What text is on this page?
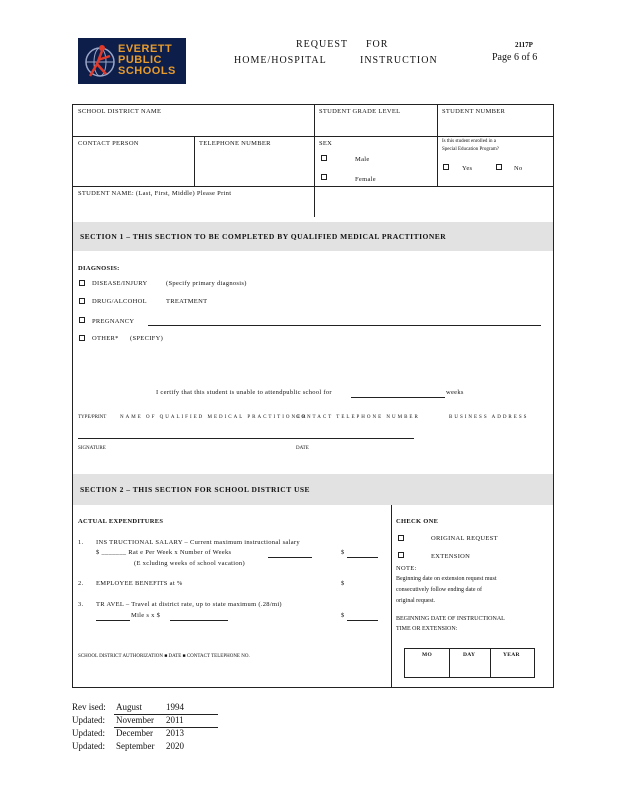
EVERETT
PUBLIC
SCHOOLS
REQUEST FOR
HOME/HOSPITAL	INSTRUCTION
2117P
Page 6 of 6
SCHOOL DISTRICT NAME	STUDENT GRADE LEVEL	STUDENT NUMBER
CONTACT PERSON	TELEPHONE NUMBER	SEX
Male
Female
Is this student enrolled in a
Special Education Program?
Yes	No
STUDENT NAME: (Last, First, Middle) Please Print
SECTION 1 – THIS SECTION TO BE COMPLETED BY QUALIFIED MEDICAL PRACTITIONER
DIAGNOSIS:
DISEASE/INJURY	(Specify primary diagnosis)
DRUG/ALCOHOL	TREATMENT
PREGNANCY
OTHER* (SPECIFY)
I certify that this student is unable to attendpublic school for	weeks
TYPE/PRINT	NAME OF QUALIFIED MEDICAL PRACTITIONER
CONTACT TELEPHONE NUMBER	BUSINESS ADDRESS
SIGNATURE	DATE
SECTION 2 – THIS SECTION FOR SCHOOL DISTRICT USE
ACTUAL EXPENDITURES
1. INS TRUCTIONAL SALARY – Current maximum instructional salary
$ _______ Rat e Per Week x Number of Weeks	$
(E xcluding weeks of school vacation)
2. EMPLOYEE BENEFITS at %	$
3. TR AVEL – Travel at district rate, up to state maximum (.28/mi)
Mile s x $	$
SCHOOL DISTRICT AUTHORIZATION ■ DATE ■ CONTACT TELEPHONE NO.
CHECK ONE
ORIGINAL REQUEST
EXTENSION
NOTE:
Beginning date on extension request must
consecutively follow ending date of
original request.
BEGINNING DATE OF INSTRUCTIONAL
TIME OR EXTENSION:
MO	DAY	YEAR
Rev ised: August	1994
Updated: November 2011
Updated: December 2013
Updated: September 2020
